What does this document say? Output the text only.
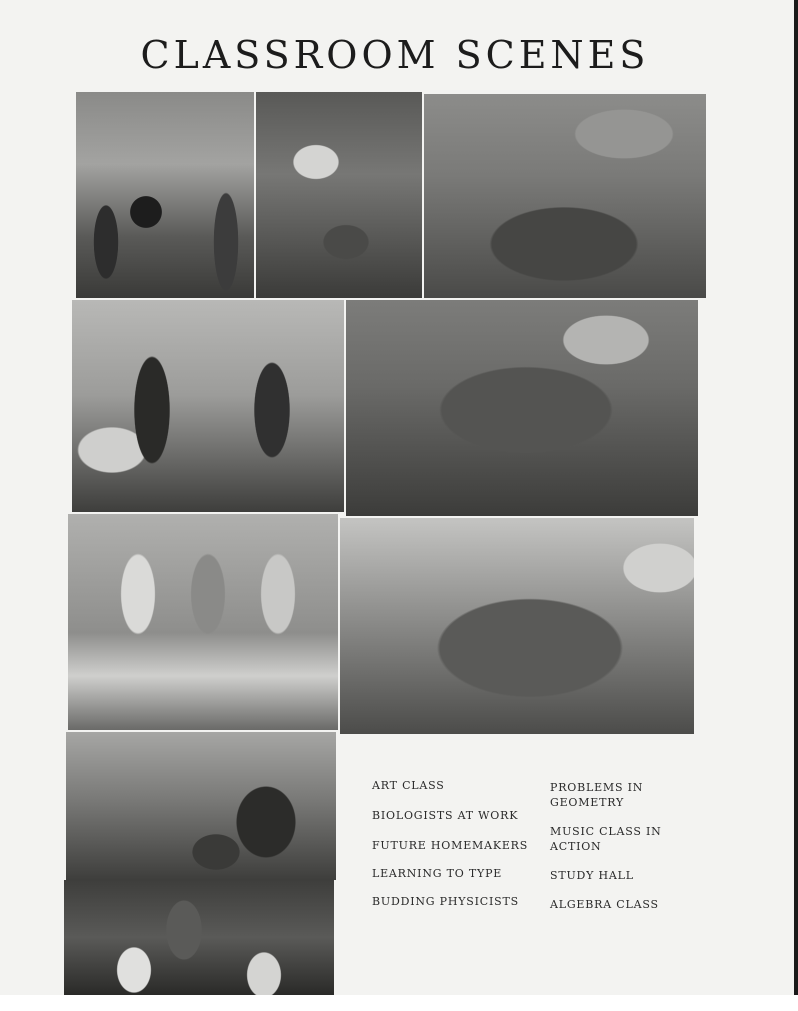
CLASSROOM SCENES
ART CLASS
BIOLOGISTS AT WORK
FUTURE HOMEMAKERS
LEARNING TO TYPE
BUDDING PHYSICISTS
PROBLEMS IN
GEOMETRY
MUSIC CLASS IN
ACTION
STUDY HALL
ALGEBRA CLASS
